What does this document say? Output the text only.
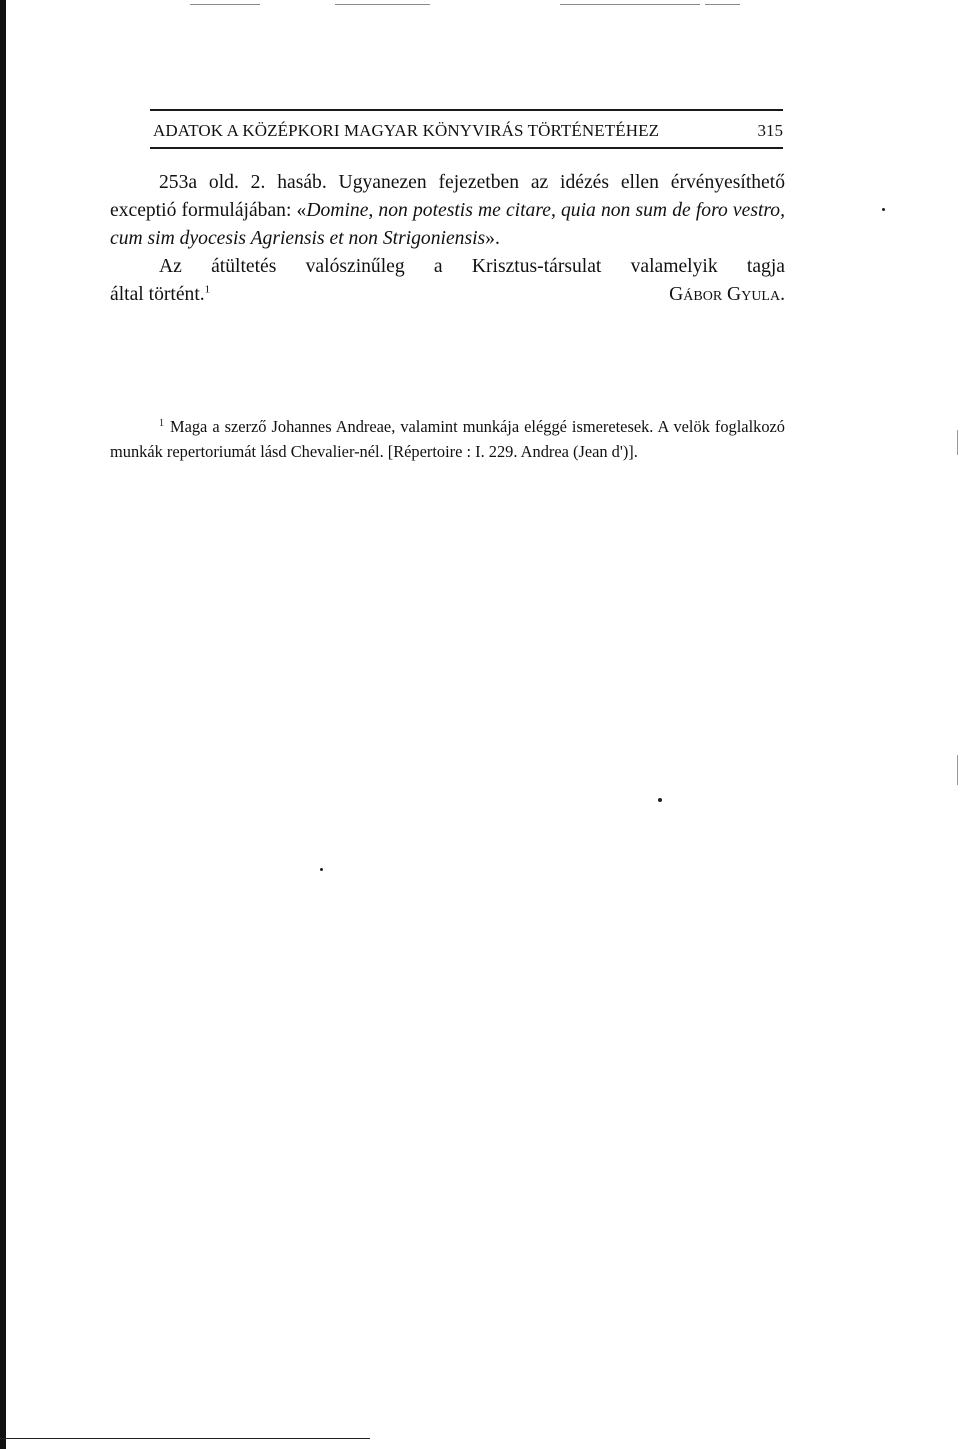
ADATOK A KÖZÉPKORI MAGYAR KÖNYVIRÁS TÖRTÉNETÉHEZ	315

253a old. 2. hasáb. Ugyanezen fejezetben az idézés ellen érvényesíthető exceptió formulájában: «Domine, non potestis me citare, quia non sum de foro vestro, cum sim dyocesis Agriensis et non Strigoniensis».

Az átültetés valószinűleg a Krisztus-társulat valamelyik tagja

által történt.$^1$	Gábor Gyula.

$^1$ Maga a szerző Johannes Andreae, valamint munkája eléggé ismeretesek. A velök foglalkozó munkák repertoriumát lásd Chevalier-nél. [Répertoire : I. 229. Andrea (Jean d')].
